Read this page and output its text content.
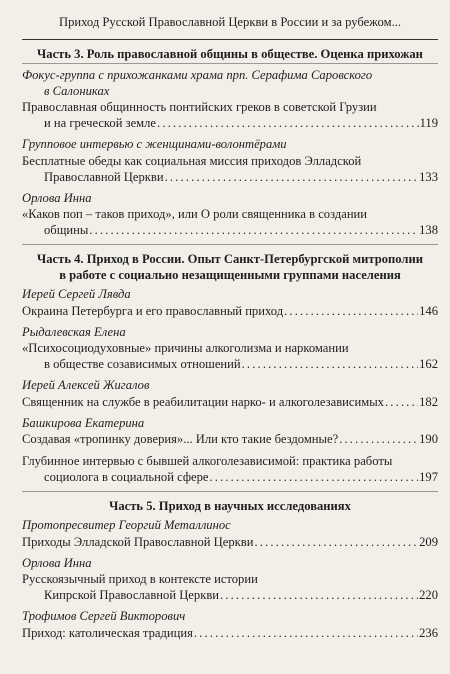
Приход Русской Православной Церкви в России и за рубежом...
Часть 3. Роль православной общины в обществе. Оценка прихожан
Фокус-группа с прихожанками храма прп. Серафима Саровского
в Салониках
Православная общинность понтийских греков в советской Грузии
и на греческой земле . . .	119
Групповое интервью с женщинами-волонтёрами
Бесплатные обеды как социальная миссия приходов Элладской
Православной Церкви . . .	133
Орлова Инна
«Каков поп – таков приход», или О роли священника в создании
общины . . .	138
Часть 4. Приход в России. Опыт Санкт-Петербургской митрополии
в работе с социально незащищенными группами населения
Иерей Сергей Лявда
Окраина Петербурга и его православный приход . . .	146
Рыдалевская Елена
«Психосоциодуховные» причины алкоголизма и наркомании
в обществе созависимых отношений . . .	162
Иерей Алексей Жигалов
Священник на службе в реабилитации нарко- и алкоголезависимых . . .	182
Башкирова Екатерина
Создавая «тропинку доверия»... Или кто такие бездомные? . . .	190
Глубинное интервью с бывшей алкоголезависимой: практика работы
социолога в социальной сфере . . .	197
Часть 5. Приход в научных исследованиях
Протопресвитер Георгий Металлинос
Приходы Элладской Православной Церкви . . .	209
Орлова Инна
Русскоязычный приход в контексте истории
Кипрской Православной Церкви . . .	220
Трофимов Сергей Викторович
Приход: католическая традиция . . .	236
